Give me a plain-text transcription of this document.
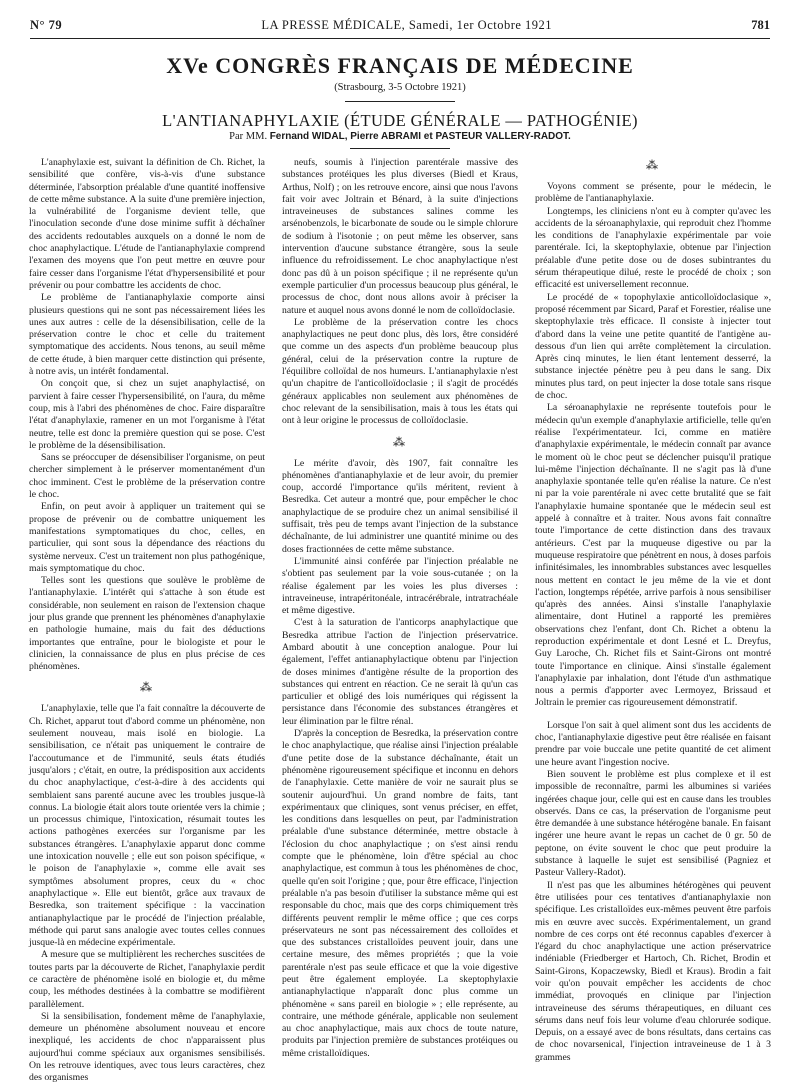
N° 79	LA PRESSE MÉDICALE, Samedi, 1er Octobre 1921	781
XVe CONGRÈS FRANÇAIS DE MÉDECINE
(Strasbourg, 3-5 Octobre 1921)
L'ANTIANAPHYLAXIE (ÉTUDE GÉNÉRALE — PATHOGÉNIE)
Par MM. Fernand WIDAL, Pierre ABRAMI et PASTEUR VALLERY-RADOT.

L'anaphylaxie est, suivant la définition de Ch. Richet, la sensibilité que confère, vis-à-vis d'une substance déterminée, l'absorption préalable d'une quantité inoffensive de cette même substance. A la suite d'une première injection, la vulnérabilité de l'organisme devient telle, que l'inoculation seconde d'une dose minime suffit à déchaîner des accidents redoutables auxquels on a donné le nom de choc anaphylactique. L'étude de l'antianaphylaxie comprend l'examen des moyens que l'on peut mettre en œuvre pour faire cesser dans l'organisme l'état d'hypersensibilité et pour prévenir ou pour combattre les accidents de choc.

Le problème de l'antianaphylaxie comporte ainsi plusieurs questions qui ne sont pas nécessairement liées les unes aux autres : celle de la désensibilisation, celle de la préservation contre le choc et celle du traitement symptomatique des accidents. Nous tenons, au seuil même de cette étude, à bien marquer cette distinction qui présente, à notre avis, un intérêt fondamental.

On conçoit que, si chez un sujet anaphylactisé, on parvient à faire cesser l'hypersensibilité, on l'aura, du même coup, mis à l'abri des phénomènes de choc. Faire disparaître l'état d'anaphylaxie, ramener en un mot l'organisme à l'état neutre, telle est donc la première question qui se pose. C'est le problème de la désensibilisation.

Sans se préoccuper de désensibiliser l'organisme, on peut chercher simplement à le préserver momentanément d'un choc imminent. C'est le problème de la préservation contre le choc.

Enfin, on peut avoir à appliquer un traitement qui se propose de prévenir ou de combattre uniquement les manifestations symptomatiques du choc, celles, en particulier, qui sont sous la dépendance des réactions du système nerveux. C'est un traitement non plus pathogénique, mais symptomatique du choc.

Telles sont les questions que soulève le problème de l'antianaphylaxie. L'intérêt qui s'attache à son étude est considérable, non seulement en raison de l'extension chaque jour plus grande que prennent les phénomènes d'anaphylaxie en pathologie humaine, mais du fait des déductions importantes que entraîne, pour le biologiste et pour le clinicien, la connaissance de plus en plus précise de ces phénomènes.

⁂

L'anaphylaxie, telle que l'a fait connaître la découverte de Ch. Richet, apparut tout d'abord comme un phénomène, non seulement nouveau, mais isolé en biologie. La sensibilisation, ce n'était pas uniquement le contraire de l'accoutumance et de l'immunité, seuls états étudiés jusqu'alors ; c'était, en outre, la prédisposition aux accidents du choc anaphylactique, c'est-à-dire à des accidents qui semblaient sans parenté aucune avec les troubles jusque-là connus. La biologie était alors toute orientée vers la chimie ; un processus chimique, l'intoxication, résumait toutes les actions pathogènes exercées sur l'organisme par les substances étrangères. L'anaphylaxie apparut donc comme une intoxication nouvelle ; elle eut son poison spécifique, « le poison de l'anaphylaxie », comme elle avait ses symptômes absolument propres, ceux du « choc anaphylactique ». Elle eut bientôt, grâce aux travaux de Besredka, son traitement spécifique : la vaccination antianaphylactique par le procédé de l'injection préalable, méthode qui parut sans analogie avec toutes celles connues jusque-là en médecine expérimentale.

A mesure que se multiplièrent les recherches suscitées de toutes parts par la découverte de Richet, l'anaphylaxie perdit ce caractère de phénomène isolé en biologie et, du même coup, les méthodes destinées à la combattre se modifièrent parallèlement.

Si la sensibilisation, fondement même de l'anaphylaxie, demeure un phénomène absolument nouveau et encore inexpliqué, les accidents de choc n'apparaissent plus aujourd'hui comme spéciaux aux organismes sensibilisés. On les retrouve identiques, avec tous leurs caractères, chez des organismes

neufs, soumis à l'injection parentérale massive des substances protéiques les plus diverses (Biedl et Kraus, Arthus, Nolf) ; on les retrouve encore, ainsi que nous l'avons fait voir avec Joltrain et Bénard, à la suite d'injections intraveineuses de substances salines comme les arsénobenzols, le bicarbonate de soude ou le simple chlorure de sodium à l'isotonie ; on peut même les observer, sans intervention d'aucune substance étrangère, sous la seule influence du refroidissement. Le choc anaphylactique n'est donc pas dû à un poison spécifique ; il ne représente qu'un exemple particulier d'un processus beaucoup plus général, le processus de choc, dont nous allons avoir à préciser la nature et auquel nous avons donné le nom de colloïdoclasie.

Le problème de la préservation contre les chocs anaphylactiques ne peut donc plus, dès lors, être considéré que comme un des aspects d'un problème beaucoup plus général, celui de la préservation contre la rupture de l'équilibre colloïdal de nos humeurs. L'antianaphylaxie n'est qu'un chapitre de l'anticolloïdoclasie ; il s'agit de procédés généraux applicables non seulement aux phénomènes de choc relevant de la sensibilisation, mais à tous les états qui ont à leur origine le processus de colloïdoclasie.

⁂

Le mérite d'avoir, dès 1907, fait connaître les phénomènes d'antianaphylaxie et de leur avoir, du premier coup, accordé l'importance qu'ils méritent, revient à Besredka. Cet auteur a montré que, pour empêcher le choc anaphylactique de se produire chez un animal sensibilisé il suffisait, très peu de temps avant l'injection de la substance déchaînante, de lui administrer une quantité minime ou des doses fractionnées de cette même substance.

L'immunité ainsi conférée par l'injection préalable ne s'obtient pas seulement par la voie sous-cutanée ; on la réalise également par les voies les plus diverses : intraveineuse, intrapéritonéale, intracérébrale, intratrachéale et même digestive.

C'est à la saturation de l'anticorps anaphylactique que Besredka attribue l'action de l'injection préservatrice. Ambard aboutit à une conception analogue. Pour lui également, l'effet antianaphylactique obtenu par l'injection de doses minimes d'antigène résulte de la proportion des substances qui entrent en réaction. Ce ne serait là qu'un cas particulier et obligé des lois numériques qui régissent la persistance dans l'économie des substances étrangères et leur élimination par le filtre rénal.

D'après la conception de Besredka, la préservation contre le choc anaphylactique, que réalise ainsi l'injection préalable d'une petite dose de la substance déchaînante, était un phénomène rigoureusement spécifique et inconnu en dehors de l'anaphylaxie. Cette manière de voir ne saurait plus se soutenir aujourd'hui. Un grand nombre de faits, tant expérimentaux que cliniques, sont venus préciser, en effet, les conditions dans lesquelles on peut, par l'administration préalable d'une substance déterminée, mettre obstacle à l'éclosion du choc anaphylactique ; on s'est ainsi rendu compte que le phénomène, loin d'être spécial au choc anaphylactique, est commun à tous les phénomènes de choc, quelle qu'en soit l'origine ; que, pour être efficace, l'injection préalable n'a pas besoin d'utiliser la substance même qui est responsable du choc, mais que des corps chimiquement très différents peuvent remplir le même office ; que ces corps préservateurs ne sont pas nécessairement des colloïdes et que des substances cristalloïdes peuvent jouir, dans une certaine mesure, des mêmes propriétés ; que la voie parentérale n'est pas seule efficace et que la voie digestive peut être également employée. La skeptophylaxie antianaphylactique n'apparaît donc plus comme un phénomène « sans pareil en biologie » ; elle représente, au contraire, une méthode générale, applicable non seulement au choc anaphylactique, mais aux chocs de toute nature, produits par l'injection première de substances protéiques ou même cristalloïdiques.

⁂

Voyons comment se présente, pour le médecin, le problème de l'antianaphylaxie.

Longtemps, les cliniciens n'ont eu à compter qu'avec les accidents de la séroanaphylaxie, qui reproduit chez l'homme les conditions de l'anaphylaxie expérimentale par voie parentérale. Ici, la skeptophylaxie, obtenue par l'injection préalable d'une petite dose ou de doses subintrantes du sérum thérapeutique dilué, reste le procédé de choix ; son efficacité est universellement reconnue.

Le procédé de « topophylaxie anticolloïdoclasique », proposé récemment par Sicard, Paraf et Forestier, réalise une skeptophylaxie très efficace. Il consiste à injecter tout d'abord dans la veine une petite quantité de l'antigène au-dessous d'un lien qui arrête complètement la circulation. Après cinq minutes, le lien étant lentement desserré, la substance injectée pénètre peu à peu dans le sang. Dix minutes plus tard, on peut injecter la dose totale sans risque de choc.

La séroanaphylaxie ne représente toutefois pour le médecin qu'un exemple d'anaphylaxie artificielle, telle qu'en réalise l'expérimentateur. Ici, comme en matière d'anaphylaxie expérimentale, le médecin connaît par avance le moment où le choc peut se déclencher puisqu'il pratique lui-même l'injection déchaînante. Il ne s'agit pas là d'une anaphylaxie spontanée telle qu'en réalise la nature. Ce n'est ni par la voie parentérale ni avec cette brutalité que se fait l'anaphylaxie humaine spontanée que le médecin seul est appelé à connaître et à traiter. Nous avons fait connaître toute l'importance de cette distinction dans des travaux antérieurs. C'est par la muqueuse digestive ou par la muqueuse respiratoire que pénètrent en nous, à doses parfois infinitésimales, les innombrables substances avec lesquelles nous mettent en contact le jeu même de la vie et dont l'action, longtemps répétée, arrive parfois à nous sensibiliser qu'après des années. Ainsi s'installe l'anaphylaxie alimentaire, dont Hutinel a rapporté les premières observations chez l'enfant, dont Ch. Richet a obtenu la reproduction expérimentale et dont Lesné et L. Dreyfus, Guy Laroche, Ch. Richet fils et Saint-Girons ont montré toute l'importance en clinique. Ainsi s'installe également l'anaphylaxie par inhalation, dont l'étude d'un asthmatique nous a permis d'apporter avec Lermoyez, Brissaud et Joltrain le premier cas rigoureusement démonstratif.

Lorsque l'on sait à quel aliment sont dus les accidents de choc, l'antianaphylaxie digestive peut être réalisée en faisant prendre par voie buccale une petite quantité de cet aliment une heure avant l'ingestion nocive.

Bien souvent le problème est plus complexe et il est impossible de reconnaître, parmi les albumines si variées ingérées chaque jour, celle qui est en cause dans les troubles observés. Dans ce cas, la préservation de l'organisme peut être demandée à une substance hétérogène banale. En faisant ingérer une heure avant le repas un cachet de 0 gr. 50 de peptone, on évite souvent le choc que peut produire la substance à laquelle le sujet est sensibilisé (Pagniez et Pasteur Vallery-Radot).

Il n'est pas que les albumines hétérogènes qui peuvent être utilisées pour ces tentatives d'antianaphylaxie non spécifique. Les cristalloïdes eux-mêmes peuvent être parfois mis en œuvre avec succès. Expérimentalement, un grand nombre de ces corps ont été reconnus capables d'exercer à l'égard du choc anaphylactique une action préservatrice indéniable (Friedberger et Hartoch, Ch. Richet, Brodin et Saint-Girons, Kopaczewsky, Biedl et Kraus). Brodin a fait voir qu'on pouvait empêcher les accidents de choc immédiat, provoqués en clinique par l'injection intraveineuse des sérums thérapeutiques, en diluant ces sérums dans neuf fois leur volume d'eau chlorurée sodique. Depuis, on a essayé avec de bons résultats, dans certains cas de choc novarsenical, l'injection intraveineuse de 1 à 3 grammes
